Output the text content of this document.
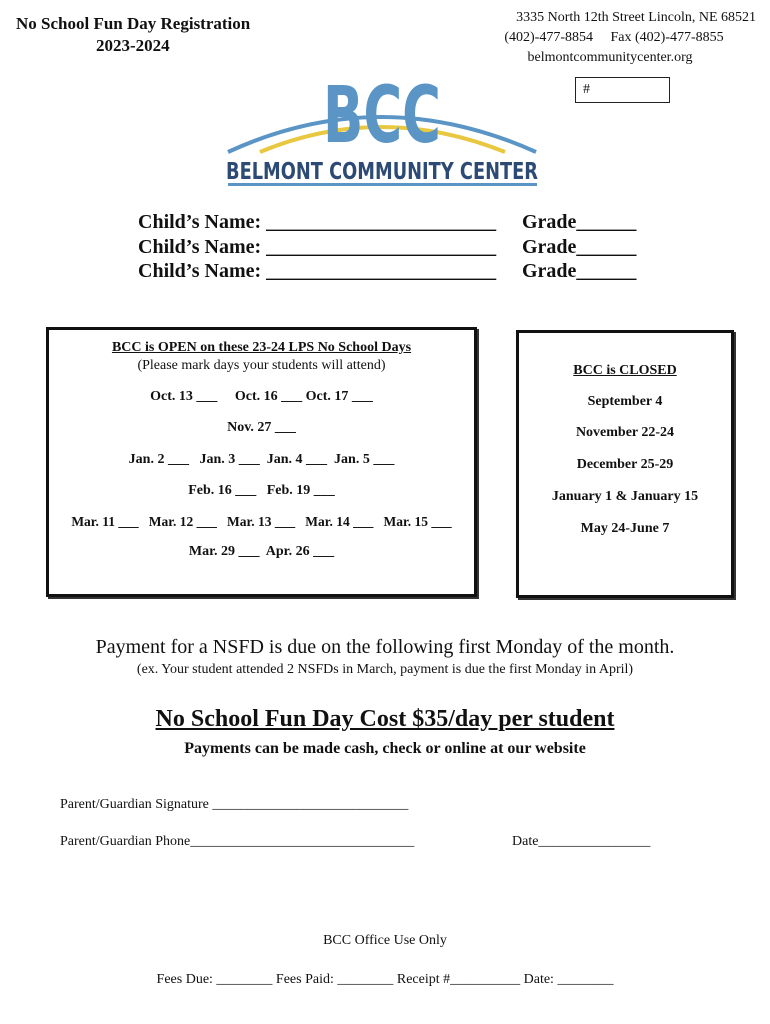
No School Fun Day Registration
2023-2024
3335 North 12th Street Lincoln, NE 68521
(402)-477-8854     Fax (402)-477-8855
belmontcommunitycenter.org
#
BCC
BELMONT COMMUNITY CENTER
Child’s Name: _______________________ Grade______
Child’s Name: _______________________ Grade______
Child’s Name: _______________________ Grade______
BCC is OPEN on these 23-24 LPS No School Days
(Please mark days your students will attend)
Oct. 13 ___     Oct. 16 ___ Oct. 17 ___
Nov. 27 ___
Jan. 2 ___   Jan. 3 ___  Jan. 4 ___  Jan. 5 ___
Feb. 16 ___   Feb. 19 ___
Mar. 11 ___   Mar. 12 ___   Mar. 13 ___   Mar. 14 ___   Mar. 15 ___
Mar. 29 ___  Apr. 26 ___
BCC is CLOSED
September 4
November 22-24
December 25-29
January 1 & January 15
May 24-June 7
Payment for a NSFD is due on the following first Monday of the month.
(ex. Your student attended 2 NSFDs in March, payment is due the first Monday in April)
No School Fun Day Cost $35/day per student
Payments can be made cash, check or online at our website
Parent/Guardian Signature ____________________________
Parent/Guardian Phone________________________________	Date________________
BCC Office Use Only
Fees Due: ________ Fees Paid: ________ Receipt #__________ Date: ________
